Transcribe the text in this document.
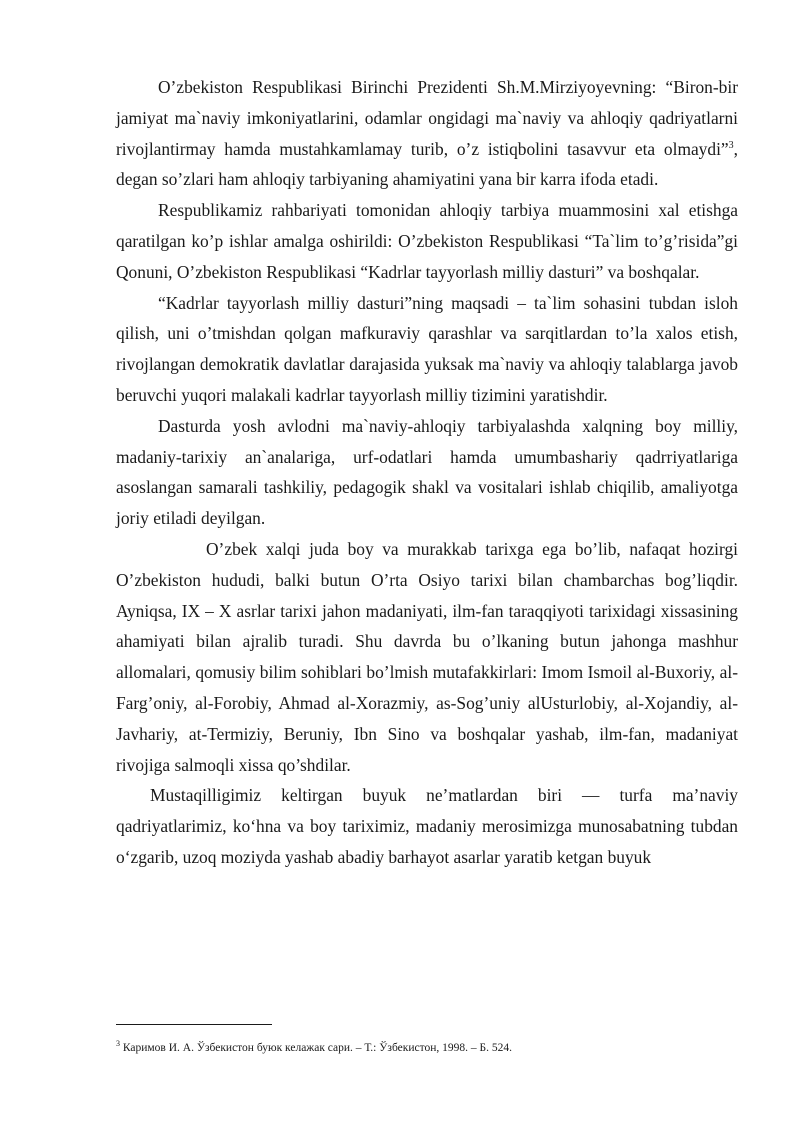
O’zbekiston Respublikasi Birinchi Prezidenti Sh.M.Mirziyoyevning: “Biron-bir jamiyat ma`naviy imkoniyatlarini, odamlar ongidagi ma`naviy va ahloqiy qadriyatlarni rivojlantirmay hamda mustahkamlamay turib, o’z istiqbolini tasavvur eta olmaydi”$^3$, degan so’zlari ham ahloqiy tarbiyaning ahamiyatini yana bir karra ifoda etadi.

Respublikamiz rahbariyati tomonidan ahloqiy tarbiya muammosini xal etishga qaratilgan ko’p ishlar amalga oshirildi: O’zbekiston Respublikasi “Ta`lim to’g’risida”gi Qonuni, O’zbekiston Respublikasi “Kadrlar tayyorlash milliy dasturi” va boshqalar.

“Kadrlar tayyorlash milliy dasturi”ning maqsadi – ta`lim sohasini tubdan isloh qilish, uni o’tmishdan qolgan mafkuraviy qarashlar va sarqitlardan to’la xalos etish, rivojlangan demokratik davlatlar darajasida yuksak ma`naviy va ahloqiy talablarga javob beruvchi yuqori malakali kadrlar tayyorlash milliy tizimini yaratishdir.

Dasturda yosh avlodni ma`naviy-ahloqiy tarbiyalashda xalqning boy milliy, madaniy-tarixiy an`analariga, urf-odatlari hamda umumbashariy qadrriyatlariga asoslangan samarali tashkiliy, pedagogik shakl va vositalari ishlab chiqilib, amaliyotga joriy etiladi deyilgan.

O’zbek xalqi juda boy va murakkab tarixga ega bo’lib, nafaqat hozirgi O’zbekiston hududi, balki butun O’rta Osiyo tarixi bilan chambarchas bog’liqdir. Ayniqsa, IX – X asrlar tarixi jahon madaniyati, ilm-fan taraqqiyoti tarixidagi xissasining ahamiyati bilan ajralib turadi. Shu davrda bu o’lkaning butun jahonga mashhur allomalari, qomusiy bilim sohiblari bo’lmish mutafakkirlari: Imom Ismoil al-Buxoriy, al-Farg’oniy, al-Forobiy, Ahmad al-Xorazmiy, as-Sog’uniy alUsturlobiy, al-Xojandiy, al-Javhariy, at-Termiziy, Beruniy, Ibn Sino va boshqalar yashab, ilm-fan, madaniyat rivojiga salmoqli xissa qo’shdilar.

Mustaqilligimiz keltirgan buyuk ne’matlardan biri — turfa ma’naviy qadriyatlarimiz, ko‘hna va boy tariximiz, madaniy merosimizga munosabatning tubdan o‘zgarib, uzoq moziyda yashab abadiy barhayot asarlar yaratib ketgan buyuk

$^3$ Каримов И. А. Ўзбекистон буюк келажак сари. – Т.: Ўзбекистон, 1998. – Б. 524.
